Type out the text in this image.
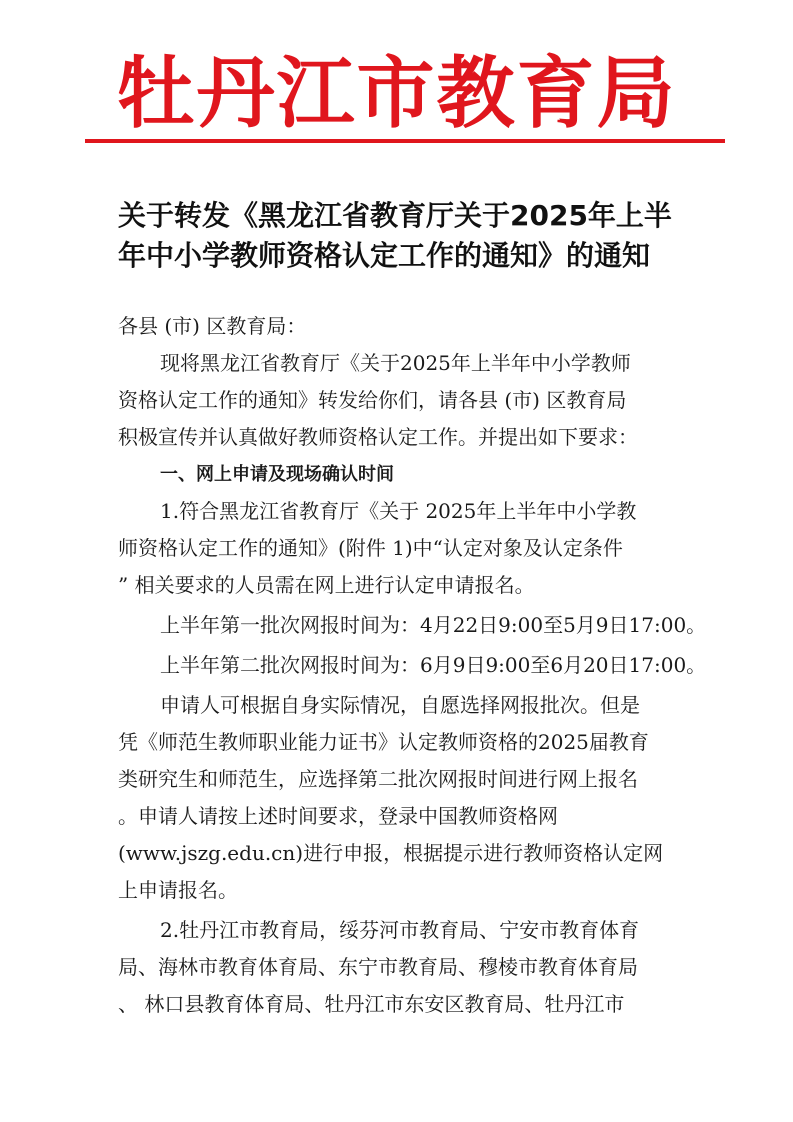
牡丹江市教育局
关于转发《黑龙江省教育厅关于2025年上半
年中小学教师资格认定工作的通知》的通知
各县 (市) 区教育局：
现将黑龙江省教育厅《关于2025年上半年中小学教师
资格认定工作的通知》转发给你们，请各县 (市) 区教育局
积极宣传并认真做好教师资格认定工作。并提出如下要求：
一、网上申请及现场确认时间
1.符合黑龙江省教育厅《关于 2025年上半年中小学教
师资格认定工作的通知》(附件 1)中“认定对象及认定条件
” 相关要求的人员需在网上进行认定申请报名。
上半年第一批次网报时间为：4月22日9:00至5月9日17:00。
上半年第二批次网报时间为：6月9日9:00至6月20日17:00。
申请人可根据自身实际情况，自愿选择网报批次。但是
凭《师范生教师职业能力证书》认定教师资格的2025届教育
类研究生和师范生，应选择第二批次网报时间进行网上报名
。申请人请按上述时间要求，登录中国教师资格网
(www.jszg.edu.cn)进行申报，根据提示进行教师资格认定网
上申请报名。
2.牡丹江市教育局，绥芬河市教育局、宁安市教育体育
局、海林市教育体育局、东宁市教育局、穆棱市教育体育局
、 林口县教育体育局、牡丹江市东安区教育局、牡丹江市
